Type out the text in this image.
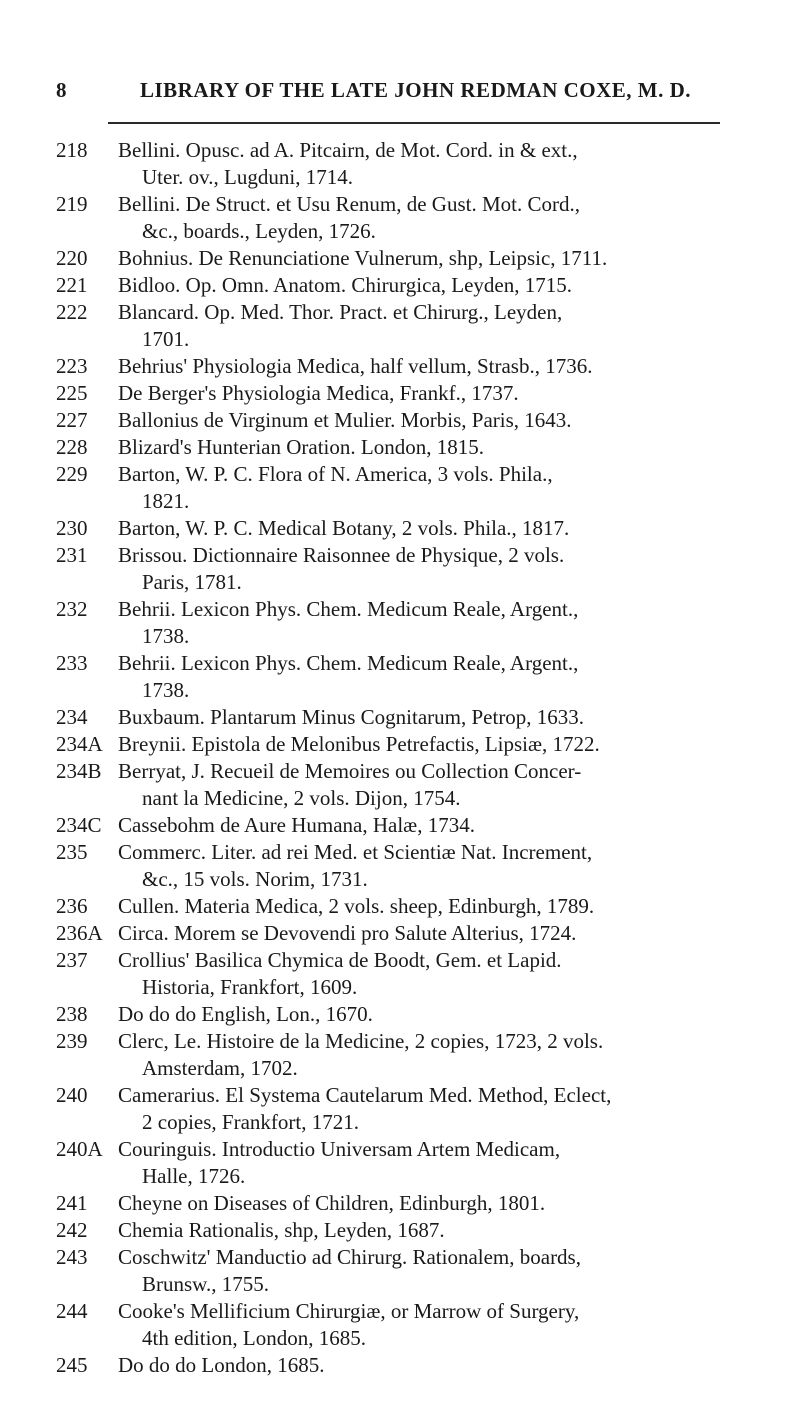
8	LIBRARY OF THE LATE JOHN REDMAN COXE, M. D.
218 Bellini. Opusc. ad A. Pitcairn, de Mot. Cord. in & ext.,
Uter. ov., Lugduni, 1714.
219 Bellini. De Struct. et Usu Renum, de Gust. Mot. Cord.,
&c., boards., Leyden, 1726.
220 Bohnius. De Renunciatione Vulnerum, shp, Leipsic, 1711.
221 Bidloo. Op. Omn. Anatom. Chirurgica, Leyden, 1715.
222 Blancard. Op. Med. Thor. Pract. et Chirurg., Leyden,
1701.
223 Behrius' Physiologia Medica, half vellum, Strasb., 1736.
225 De Berger's Physiologia Medica, Frankf., 1737.
227 Ballonius de Virginum et Mulier. Morbis, Paris, 1643.
228 Blizard's Hunterian Oration. London, 1815.
229 Barton, W. P. C. Flora of N. America, 3 vols. Phila.,
1821.
230 Barton, W. P. C. Medical Botany, 2 vols. Phila., 1817.
231 Brissou. Dictionnaire Raisonnee de Physique, 2 vols.
Paris, 1781.
232 Behrii. Lexicon Phys. Chem. Medicum Reale, Argent.,
1738.
233 Behrii. Lexicon Phys. Chem. Medicum Reale, Argent.,
1738.
234 Buxbaum. Plantarum Minus Cognitarum, Petrop, 1633.
234A Breynii. Epistola de Melonibus Petrefactis, Lipsiæ, 1722.
234B Berryat, J. Recueil de Memoires ou Collection Concer-
nant la Medicine, 2 vols. Dijon, 1754.
234C Cassebohm de Aure Humana, Halæ, 1734.
235 Commerc. Liter. ad rei Med. et Scientiæ Nat. Increment,
&c., 15 vols. Norim, 1731.
236 Cullen. Materia Medica, 2 vols. sheep, Edinburgh, 1789.
236A Circa. Morem se Devovendi pro Salute Alterius, 1724.
237 Crollius' Basilica Chymica de Boodt, Gem. et Lapid.
Historia, Frankfort, 1609.
238 Do do do English, Lon., 1670.
239 Clerc, Le. Histoire de la Medicine, 2 copies, 1723, 2 vols.
Amsterdam, 1702.
240 Camerarius. El Systema Cautelarum Med. Method, Eclect,
2 copies, Frankfort, 1721.
240A Couringuis. Introductio Universam Artem Medicam,
Halle, 1726.
241 Cheyne on Diseases of Children, Edinburgh, 1801.
242 Chemia Rationalis, shp, Leyden, 1687.
243 Coschwitz' Manductio ad Chirurg. Rationalem, boards,
Brunsw., 1755.
244 Cooke's Mellificium Chirurgiæ, or Marrow of Surgery,
4th edition, London, 1685.
245 Do do do London, 1685.
